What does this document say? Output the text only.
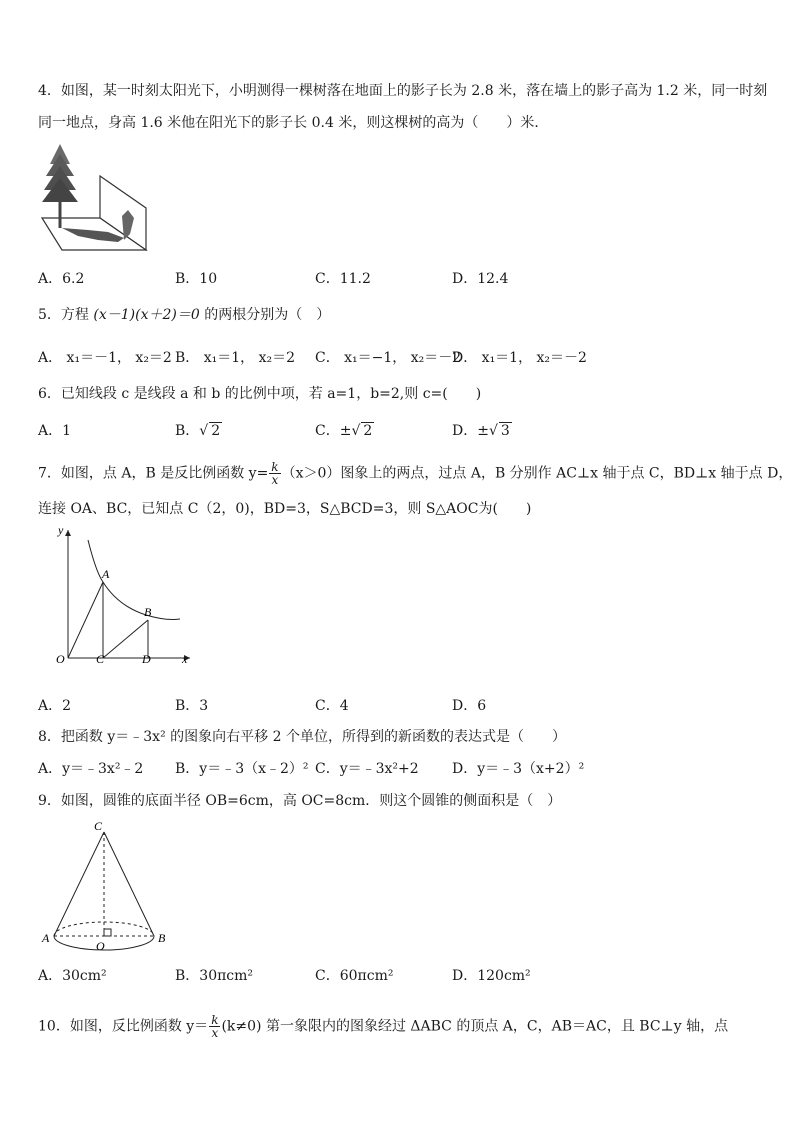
4．如图，某一时刻太阳光下，小明测得一棵树落在地面上的影子长为 2.8 米，落在墙上的影子高为 1.2 米，同一时刻
同一地点，身高 1.6 米他在阳光下的影子长 0.4 米，则这棵树的高为（　　）米．
A．6.2	B．10	C．11.2	D．12.4
5．方程 (x－1)(x＋2)＝0 的两根分别为（　）
A． x₁＝－1， x₂＝2 B． x₁＝1， x₂＝2 C． x₁＝−1， x₂＝－2
D． x₁＝1， x₂＝－2
6．已知线段 c 是线段 a 和 b 的比例中项，若 a=1，b=2,则 c=(　　)
A．1	B．√ 2	C．±√ 2	D．±√ 3
7．如图，点 A，B 是反比例函数 $y= \frac{k}{x} (x>0)$图象上的两点，过点 A，B 分别作 AC⊥x 轴于点 C，BD⊥x 轴于点 D，
连接 OA、BC，已知点 C（2，0)，BD=3，S△BCD=3，则 S△AOC为(　　)
y
x
O
A
B
C	D
A．2	B．3	C．4	D．6
8．把函数 y＝﹣3x² 的图象向右平移 2 个单位，所得到的新函数的表达式是（　　）
A．y＝﹣3x²﹣2 B．y＝﹣3（x﹣2）² C．y＝﹣3x²+2 D．y＝﹣3（x+2）²
9．如图，圆锥的底面半径 OB=6cm，高 OC=8cm．则这个圆锥的侧面积是（　）
C
A
O
B
A．30cm²	B．30πcm²	C．60πcm²	D．120cm²
10．如图，反比例函数 $y= \frac{k}{x} (k\ne 0)$ 第一象限内的图象经过 ΔABC 的顶点 A，C，AB＝AC，且 BC⊥y 轴，点
